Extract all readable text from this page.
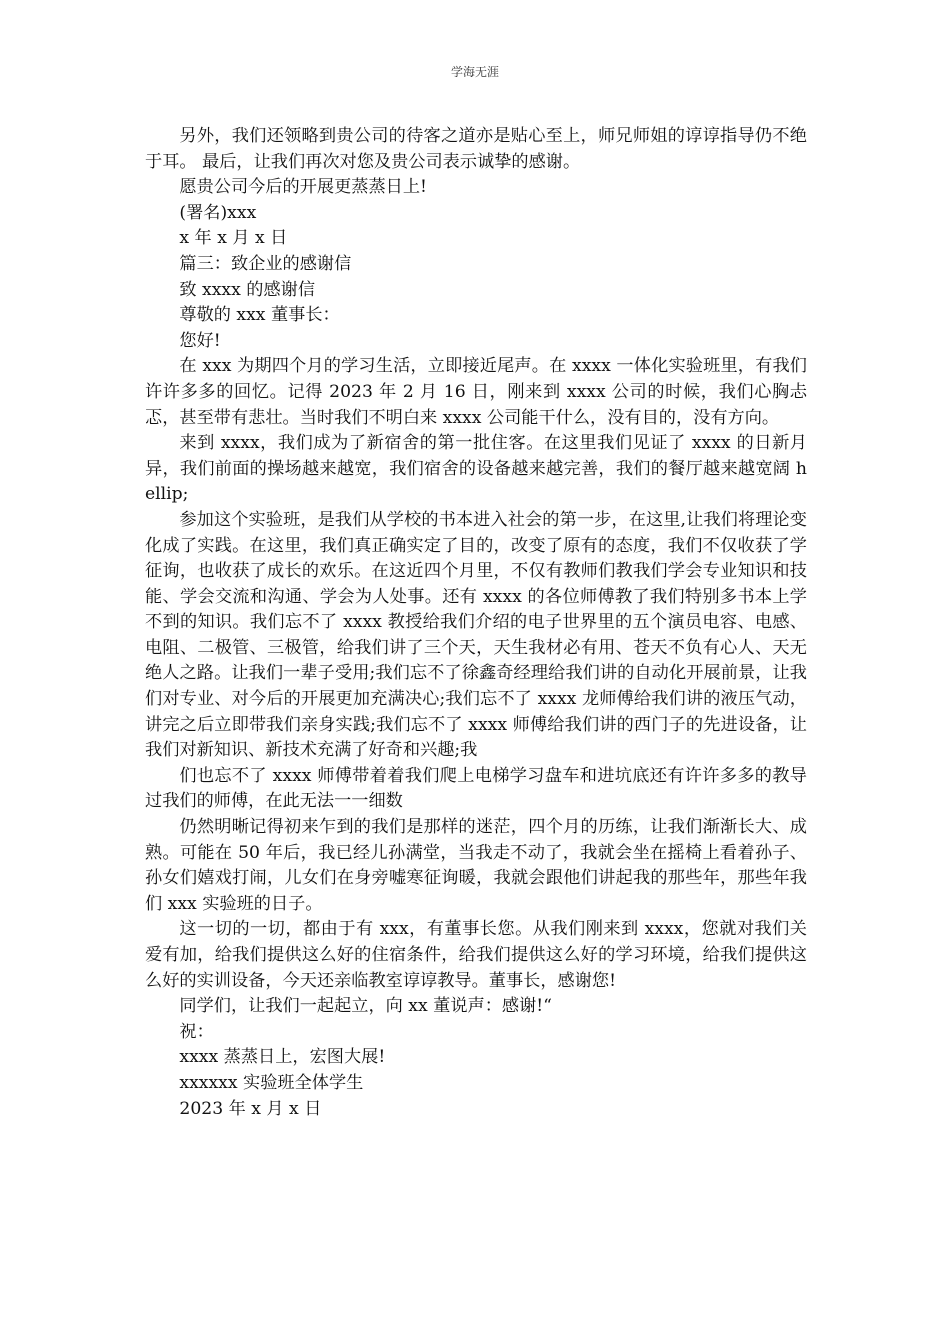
学海无涯

另外，我们还领略到贵公司的待客之道亦是贴心至上，师兄师姐的谆谆指导仍不绝于耳。 最后，让我们再次对您及贵公司表示诚挚的感谢。

愿贵公司今后的开展更蒸蒸日上!

(署名)xxx

x 年 x 月 x 日

篇三：致企业的感谢信

致 xxxx 的感谢信

尊敬的 xxx 董事长：

您好!

在 xxx 为期四个月的学习生活，立即接近尾声。在 xxxx 一体化实验班里，有我们许许多多的回忆。记得 2023 年 2 月 16 日，刚来到 xxxx 公司的时候，我们心胸忐忑，甚至带有悲壮。当时我们不明白来 xxxx 公司能干什么，没有目的，没有方向。

来到 xxxx，我们成为了新宿舍的第一批住客。在这里我们见证了 xxxx 的日新月异，我们前面的操场越来越宽，我们宿舍的设备越来越完善，我们的餐厅越来越宽阔 hellip;

参加这个实验班，是我们从学校的书本进入社会的第一步，在这里,让我们将理论变化成了实践。在这里，我们真正确实定了目的，改变了原有的态度，我们不仅收获了学征询，也收获了成长的欢乐。在这近四个月里，不仅有教师们教我们学会专业知识和技能、学会交流和沟通、学会为人处事。还有 xxxx 的各位师傅教了我们特别多书本上学不到的知识。我们忘不了 xxxx 教授给我们介绍的电子世界里的五个演员电容、电感、电阻、二极管、三极管，给我们讲了三个天，天生我材必有用、苍天不负有心人、天无绝人之路。让我们一辈子受用;我们忘不了徐鑫奇经理给我们讲的自动化开展前景，让我们对专业、对今后的开展更加充满决心;我们忘不了 xxxx 龙师傅给我们讲的液压气动，讲完之后立即带我们亲身实践;我们忘不了 xxxx 师傅给我们讲的西门子的先进设备，让我们对新知识、新技术充满了好奇和兴趣;我

们也忘不了 xxxx 师傅带着着我们爬上电梯学习盘车和进坑底还有许许多多的教导过我们的师傅，在此无法一一细数

仍然明晰记得初来乍到的我们是那样的迷茫，四个月的历练，让我们渐渐长大、成熟。可能在 50 年后，我已经儿孙满堂，当我走不动了，我就会坐在摇椅上看着孙子、孙女们嬉戏打闹，儿女们在身旁嘘寒征询暖，我就会跟他们讲起我的那些年，那些年我们 xxx 实验班的日子。

这一切的一切，都由于有 xxx，有董事长您。从我们刚来到 xxxx，您就对我们关爱有加，给我们提供这么好的住宿条件，给我们提供这么好的学习环境，给我们提供这么好的实训设备，今天还亲临教室谆谆教导。董事长，感谢您!

同学们，让我们一起起立，向 xx 董说声：感谢!“

祝：

xxxx 蒸蒸日上，宏图大展!

xxxxxx 实验班全体学生

2023 年 x 月 x 日
